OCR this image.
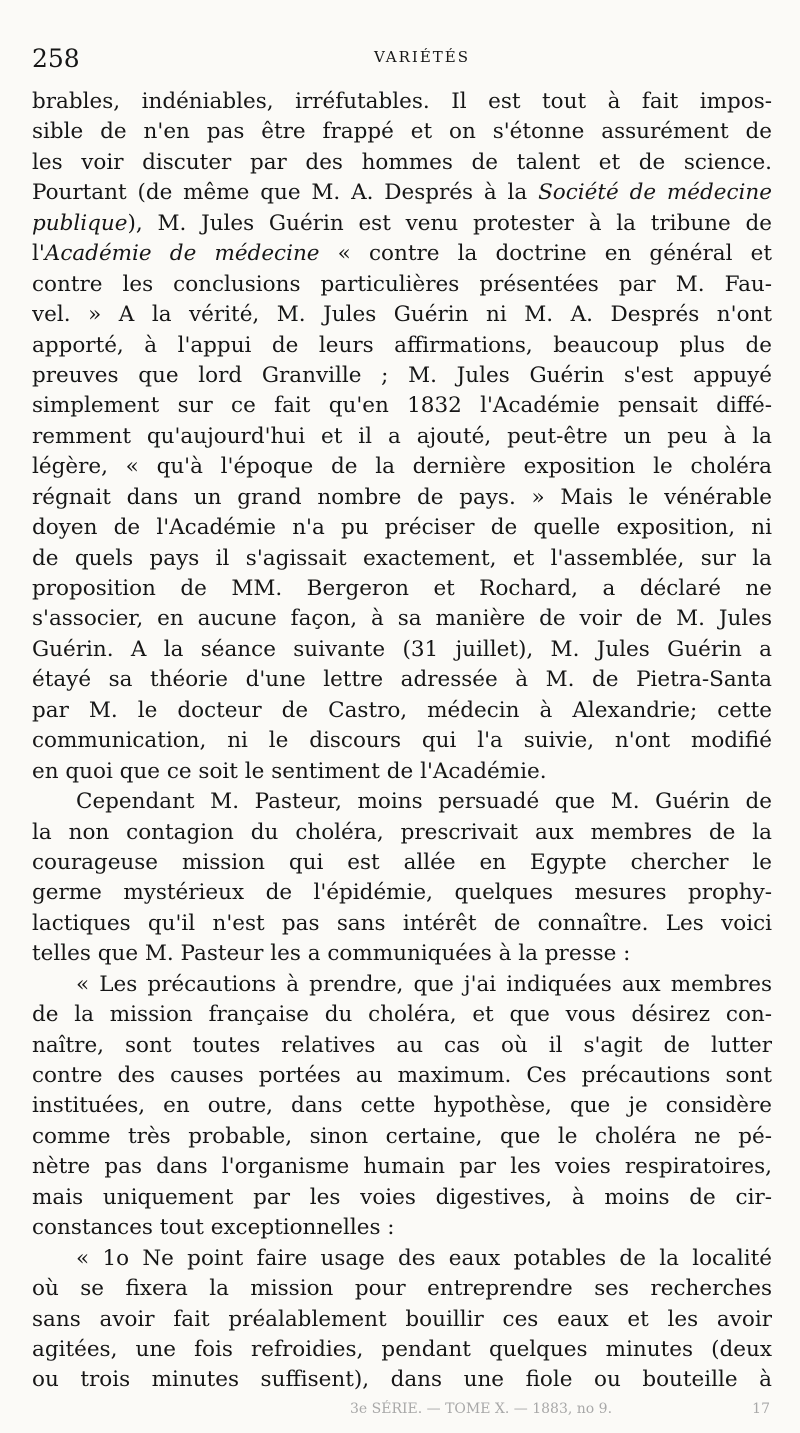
258	VARIÉTÉS
brables, indéniables, irréfutables. Il est tout à fait impos-
sible de n'en pas être frappé et on s'étonne assurément de
les voir discuter par des hommes de talent et de science.
Pourtant (de même que M. A. Després à la Société de médecine
publique), M. Jules Guérin est venu protester à la tribune de
l'Académie de médecine « contre la doctrine en général et
contre les conclusions particulières présentées par M. Fau-
vel. » A la vérité, M. Jules Guérin ni M. A. Després n'ont
apporté, à l'appui de leurs affirmations, beaucoup plus de
preuves que lord Granville ; M. Jules Guérin s'est appuyé
simplement sur ce fait qu'en 1832 l'Académie pensait diffé-
remment qu'aujourd'hui et il a ajouté, peut-être un peu à la
légère, « qu'à l'époque de la dernière exposition le choléra
régnait dans un grand nombre de pays. » Mais le vénérable
doyen de l'Académie n'a pu préciser de quelle exposition, ni
de quels pays il s'agissait exactement, et l'assemblée, sur la
proposition de MM. Bergeron et Rochard, a déclaré ne
s'associer, en aucune façon, à sa manière de voir de M. Jules
Guérin. A la séance suivante (31 juillet), M. Jules Guérin a
étayé sa théorie d'une lettre adressée à M. de Pietra-Santa
par M. le docteur de Castro, médecin à Alexandrie; cette
communication, ni le discours qui l'a suivie, n'ont modifié
en quoi que ce soit le sentiment de l'Académie.
Cependant M. Pasteur, moins persuadé que M. Guérin de
la non contagion du choléra, prescrivait aux membres de la
courageuse mission qui est allée en Egypte chercher le
germe mystérieux de l'épidémie, quelques mesures prophy-
lactiques qu'il n'est pas sans intérêt de connaître. Les voici
telles que M. Pasteur les a communiquées à la presse :
« Les précautions à prendre, que j'ai indiquées aux membres
de la mission française du choléra, et que vous désirez con-
naître, sont toutes relatives au cas où il s'agit de lutter
contre des causes portées au maximum. Ces précautions sont
instituées, en outre, dans cette hypothèse, que je considère
comme très probable, sinon certaine, que le choléra ne pé-
nètre pas dans l'organisme humain par les voies respiratoires,
mais uniquement par les voies digestives, à moins de cir-
constances tout exceptionnelles :
« 1o Ne point faire usage des eaux potables de la localité
où se fixera la mission pour entreprendre ses recherches
sans avoir fait préalablement bouillir ces eaux et les avoir
agitées, une fois refroidies, pendant quelques minutes (deux
ou trois minutes suffisent), dans une fiole ou bouteille à
3e SÉRIE. — TOME X. — 1883, no 9.	17
